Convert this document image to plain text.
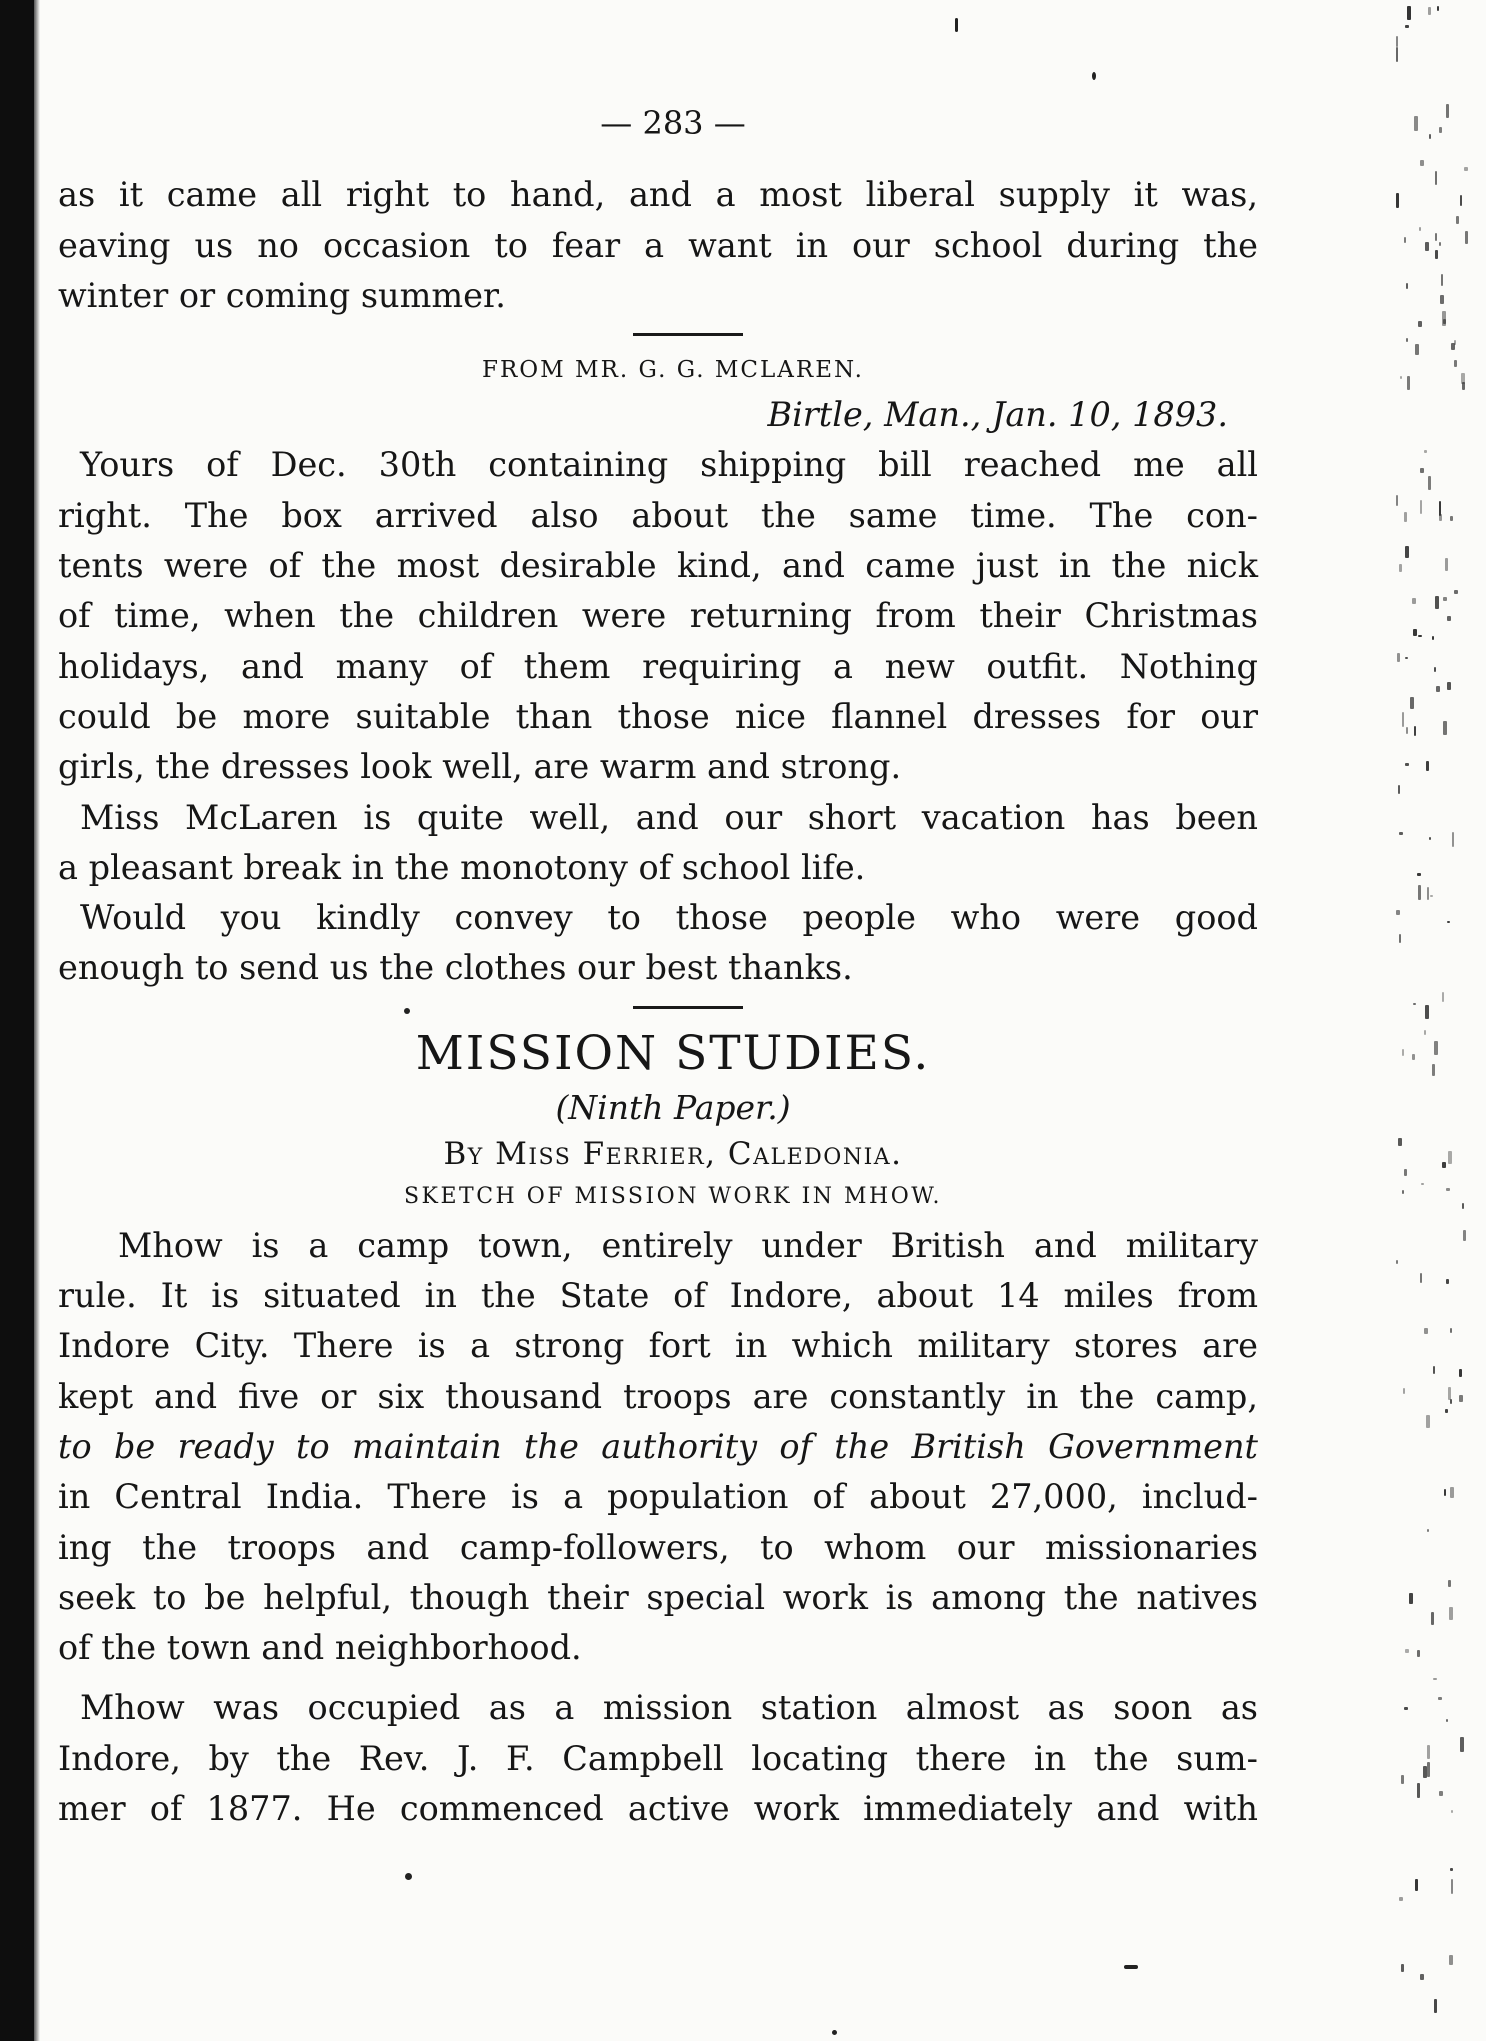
— 283 —
as it came all right to hand, and a most liberal supply it was,
eaving us no occasion to fear a want in our school during the
winter or coming summer.
FROM MR. G. G. MCLAREN.
Birtle, Man., Jan. 10, 1893.
Yours of Dec. 30th containing shipping bill reached me all
right. The box arrived also about the same time. The con-
tents were of the most desirable kind, and came just in the nick
of time, when the children were returning from their Christmas
holidays, and many of them requiring a new outfit. Nothing
could be more suitable than those nice flannel dresses for our
girls, the dresses look well, are warm and strong.
Miss McLaren is quite well, and our short vacation has been
a pleasant break in the monotony of school life.
Would you kindly convey to those people who were good
enough to send us the clothes our best thanks.
MISSION STUDIES.
(Ninth Paper.)
By Miss Ferrier, Caledonia.
SKETCH OF MISSION WORK IN MHOW.
Mhow is a camp town, entirely under British and military
rule. It is situated in the State of Indore, about 14 miles from
Indore City. There is a strong fort in which military stores are
kept and five or six thousand troops are constantly in the camp,
to be ready to maintain the authority of the British Government
in Central India. There is a population of about 27,000, includ-
ing the troops and camp-followers, to whom our missionaries
seek to be helpful, though their special work is among the natives
of the town and neighborhood.
Mhow was occupied as a mission station almost as soon as
Indore, by the Rev. J. F. Campbell locating there in the sum-
mer of 1877. He commenced active work immediately and with
